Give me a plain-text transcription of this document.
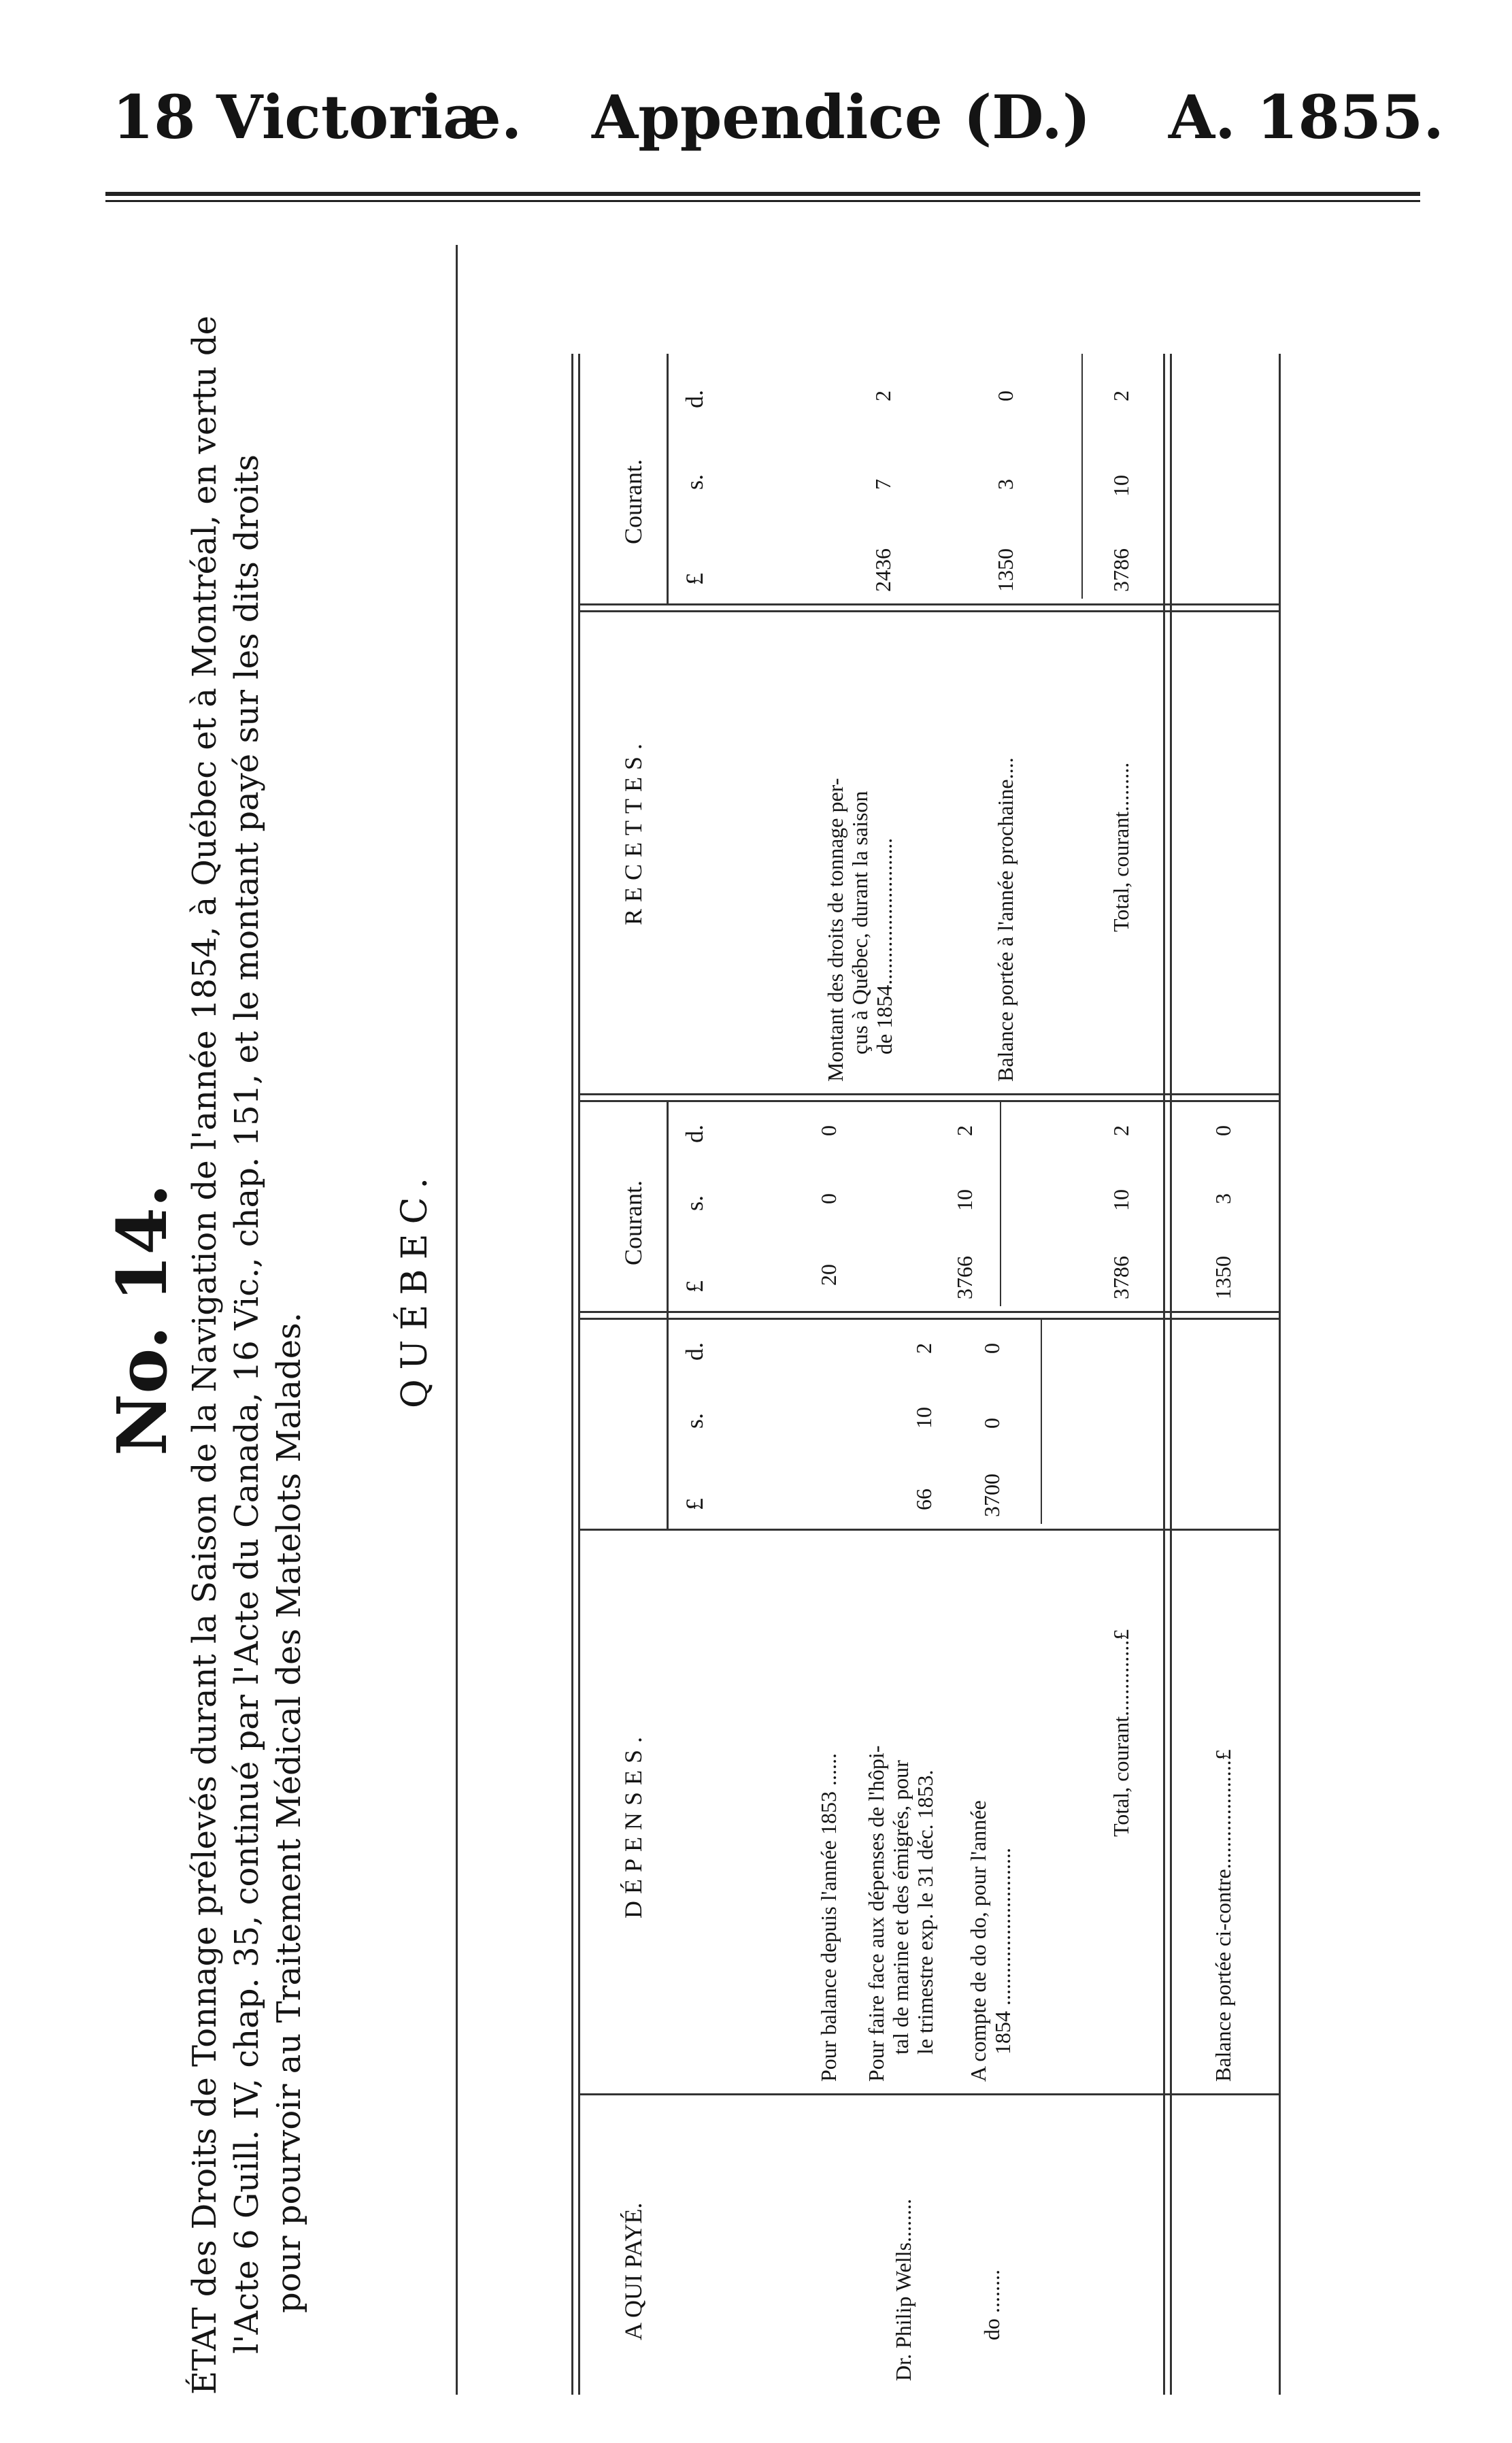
18 Victoriæ. Appendice (D.) A. 1855.
No. 14. ÉTAT des Droits de Tonnage prélevés durant la Saison de la Navigation de l'année 1854, à Québec et à Montréal, en vertu de l'Acte 6 Guill. IV, chap. 35, continué par l'Acte du Canada, 16 Vic., chap. 151, et le montant payé sur les dits droits pour pourvoir au Traitement Médical des Matelots Malades.
QUÉBEC.
A QUI PAYÉ.
DÉPENSES.
Courant.
RECETTES.
Courant.
£
s.
d.
£
s.
d.
£
s.
d.
Pour balance depuis l'année 1853 ......
20
0
0
Dr. Philip Wells........
Pour faire face aux dépenses de l'hôpi- tal de marine et des émigrés, pour le trimestre exp. le 31 déc. 1853.
66
10
2
do ........
A compte de do do, pour l'année 1854 .............................
3700
0
0
3766
10
2
Total, courant..............£
3786
10
2
Balance portée ci-contre....................£
1350
3
0
Montant des droits de tonnage per- çus à Québec, durant la saison de 1854...........................
2436
7
2
Balance portée à l'année prochaine....
1350
3
0
Total, courant.........
3786
10
2
